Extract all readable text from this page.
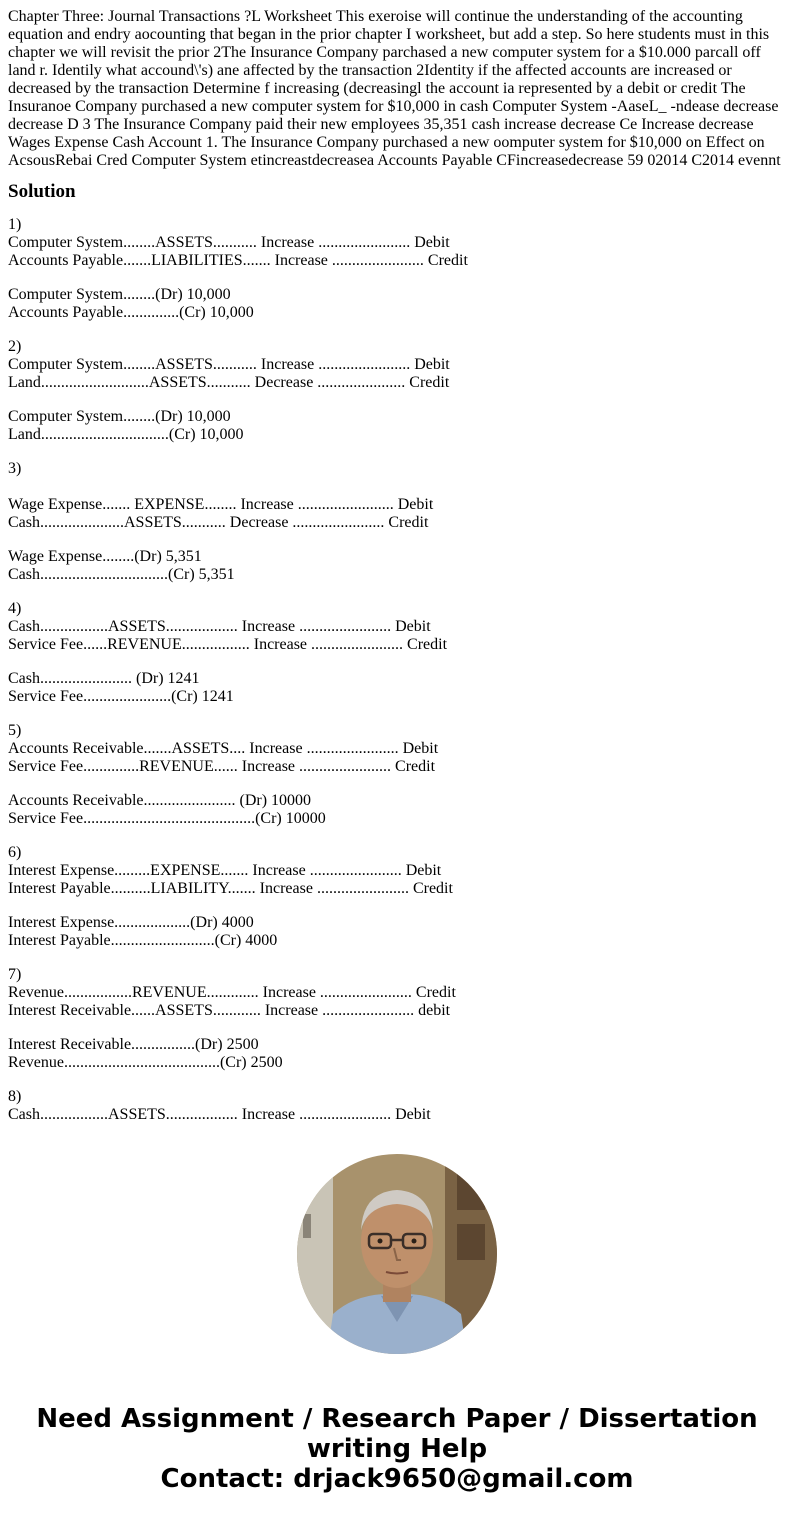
Chapter Three: Journal Transactions ?L Worksheet This exeroise will continue the understanding of the accounting equation and endry aocounting that began in the prior chapter I worksheet, but add a step. So here students must in this chapter we will revisit the prior 2The Insurance Company parchased a new computer system for a $10.000 parcall off land r. Identily what accound\'s) ane affected by the transaction 2Identity if the affected accounts are increased or decreased by the transaction Determine f increasing (decreasingl the account ia represented by a debit or credit The Insuranoe Company purchased a new computer system for $10,000 in cash Computer System -AaseL_ -ndease decrease decrease D 3 The Insurance Company paid their new employees 35,351 cash increase decrease Ce Increase decrease Wages Expense Cash Account 1. The Insurance Company purchased a new oomputer system for $10,000 on Effect on AcsousRebai Cred Computer System etincreastdecreasea Accounts Payable CFincreasedecrease 59 02014 C2014 evennt
Solution
1)
Computer System........ASSETS........... Increase ....................... Debit
Accounts Payable.......LIABILITIES....... Increase ....................... Credit
Computer System........(Dr) 10,000
Accounts Payable..............(Cr) 10,000
2)
Computer System........ASSETS........... Increase ....................... Debit
Land...........................ASSETS........... Decrease ...................... Credit
Computer System........(Dr) 10,000
Land................................(Cr) 10,000
3)
Wage Expense....... EXPENSE........ Increase ........................ Debit
Cash.....................ASSETS........... Decrease ....................... Credit
Wage Expense........(Dr) 5,351
Cash................................(Cr) 5,351
4)
Cash.................ASSETS.................. Increase ....................... Debit
Service Fee......REVENUE................. Increase ....................... Credit
Cash....................... (Dr) 1241
Service Fee......................(Cr) 1241
5)
Accounts Receivable.......ASSETS.... Increase ....................... Debit
Service Fee..............REVENUE...... Increase ....................... Credit
Accounts Receivable....................... (Dr) 10000
Service Fee...........................................(Cr) 10000
6)
Interest Expense.........EXPENSE....... Increase ....................... Debit
Interest Payable..........LIABILITY....... Increase ....................... Credit
Interest Expense...................(Dr) 4000
Interest Payable..........................(Cr) 4000
7)
Revenue.................REVENUE............. Increase ....................... Credit
Interest Receivable......ASSETS............ Increase ....................... debit
Interest Receivable................(Dr) 2500
Revenue.......................................(Cr) 2500
8)
Cash.................ASSETS.................. Increase ....................... Debit
Need Assignment / Research Paper / Dissertation
writing Help
Contact: drjack9650@gmail.com
